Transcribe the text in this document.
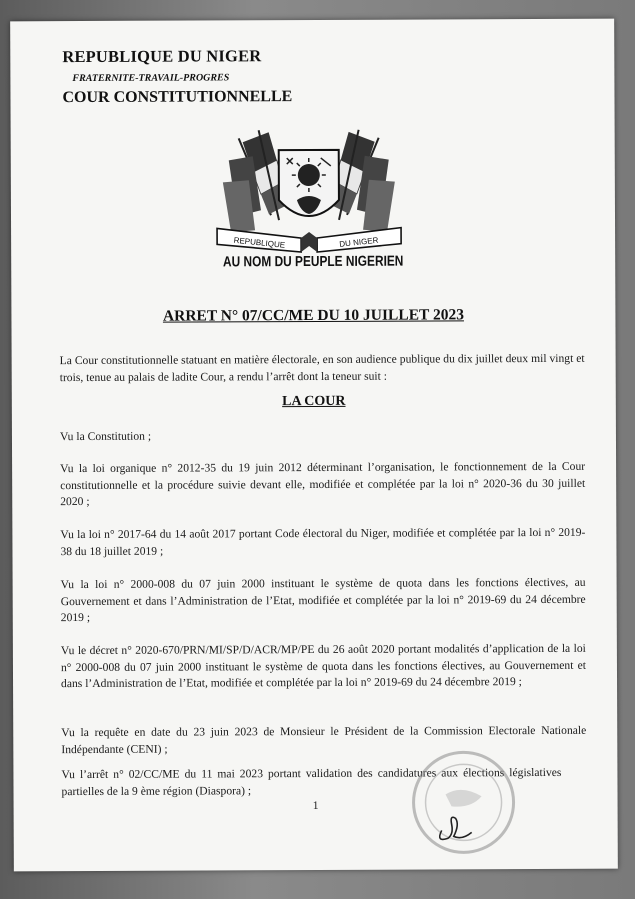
REPUBLIQUE DU NIGER
FRATERNITE-TRAVAIL-PROGRES
COUR CONSTITUTIONNELLE
REPUBLIQUE	DU NIGER
AU NOM DU PEUPLE NIGERIEN
ARRET N° 07/CC/ME DU 10 JUILLET 2023

La Cour constitutionnelle statuant en matière électorale, en son audience publique du dix juillet deux mil vingt et trois, tenue au palais de ladite Cour, a rendu l’arrêt dont la teneur suit :

LA COUR

Vu la Constitution ;

Vu la loi organique n° 2012-35 du 19 juin 2012 déterminant l’organisation, le fonctionnement de la Cour constitutionnelle et la procédure suivie devant elle, modifiée et complétée par la loi n° 2020-36 du 30 juillet 2020 ;

Vu la loi n° 2017-64 du 14 août 2017 portant Code électoral du Niger, modifiée et complétée par la loi n° 2019-38 du 18 juillet 2019 ;

Vu la loi n° 2000-008 du 07 juin 2000 instituant le système de quota dans les fonctions électives, au Gouvernement et dans l’Administration de l’Etat, modifiée et complétée par la loi n° 2019-69 du 24 décembre 2019 ;

Vu le décret n° 2020-670/PRN/MI/SP/D/ACR/MP/PE du 26 août 2020 portant modalités d’application de la loi n° 2000-008 du 07 juin 2000 instituant le système de quota dans les fonctions électives, au Gouvernement et dans l’Administration de l’Etat, modifiée et complétée par la loi n° 2019-69 du 24 décembre 2019 ;

Vu la requête en date du 23 juin 2023 de Monsieur le Président de la Commission Electorale Nationale Indépendante (CENI) ;

Vu l’arrêt n° 02/CC/ME du 11 mai 2023 portant validation des candidatures aux élections législatives partielles de la 9 ème région (Diaspora) ;

1
